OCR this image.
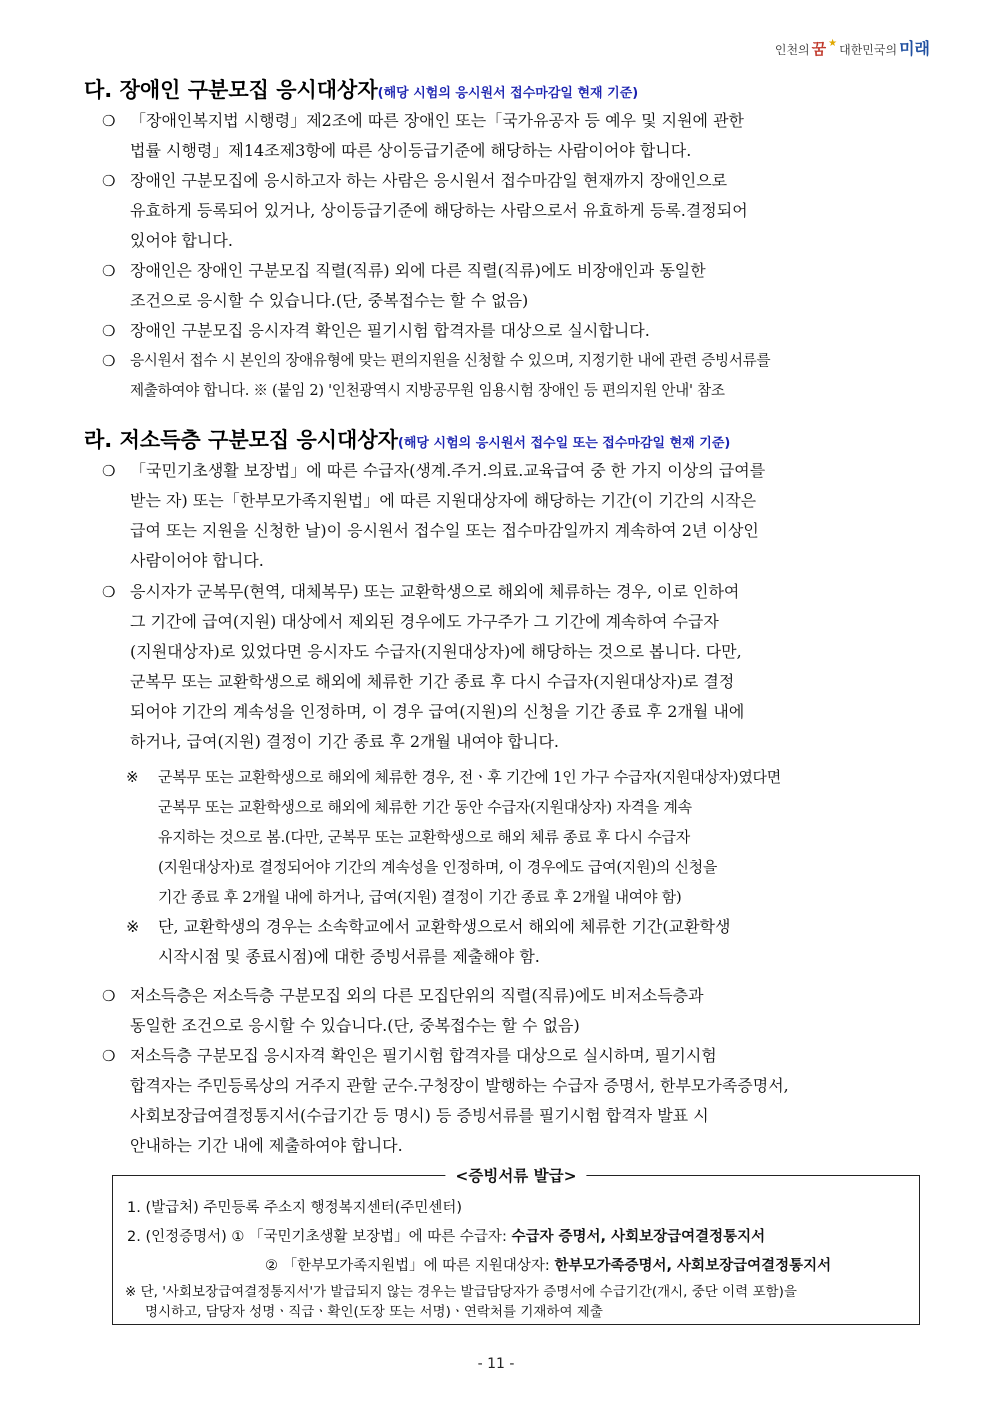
인천의 꿈 ★ 대한민국의 미래
다. 장애인 구분모집 응시대상자(해당 시험의 응시원서 접수마감일 현재 기준)
❍ 「장애인복지법 시행령」제2조에 따른 장애인 또는「국가유공자 등 예우 및 지원에 관한
법률 시행령」제14조제3항에 따른 상이등급기준에 해당하는 사람이어야 합니다.
❍ 장애인 구분모집에 응시하고자 하는 사람은 응시원서 접수마감일 현재까지 장애인으로
유효하게 등록되어 있거나, 상이등급기준에 해당하는 사람으로서 유효하게 등록.결정되어
있어야 합니다.
❍ 장애인은 장애인 구분모집 직렬(직류) 외에 다른 직렬(직류)에도 비장애인과 동일한
조건으로 응시할 수 있습니다.(단, 중복접수는 할 수 없음)
❍ 장애인 구분모집 응시자격 확인은 필기시험 합격자를 대상으로 실시합니다.
❍ 응시원서 접수 시 본인의 장애유형에 맞는 편의지원을 신청할 수 있으며, 지정기한 내에 관련 증빙서류를
제출하여야 합니다. ※ (붙임 2) '인천광역시 지방공무원 임용시험 장애인 등 편의지원 안내' 참조
라. 저소득층 구분모집 응시대상자(해당 시험의 응시원서 접수일 또는 접수마감일 현재 기준)
❍ 「국민기초생활 보장법」에 따른 수급자(생계.주거.의료.교육급여 중 한 가지 이상의 급여를
받는 자) 또는「한부모가족지원법」에 따른 지원대상자에 해당하는 기간(이 기간의 시작은
급여 또는 지원을 신청한 날)이 응시원서 접수일 또는 접수마감일까지 계속하여 2년 이상인
사람이어야 합니다.
❍ 응시자가 군복무(현역, 대체복무) 또는 교환학생으로 해외에 체류하는 경우, 이로 인하여
그 기간에 급여(지원) 대상에서 제외된 경우에도 가구주가 그 기간에 계속하여 수급자
(지원대상자)로 있었다면 응시자도 수급자(지원대상자)에 해당하는 것으로 봅니다. 다만,
군복무 또는 교환학생으로 해외에 체류한 기간 종료 후 다시 수급자(지원대상자)로 결정
되어야 기간의 계속성을 인정하며, 이 경우 급여(지원)의 신청을 기간 종료 후 2개월 내에
하거나, 급여(지원) 결정이 기간 종료 후 2개월 내여야 합니다.
※ 군복무 또는 교환학생으로 해외에 체류한 경우, 전ㆍ후 기간에 1인 가구 수급자(지원대상자)였다면
군복무 또는 교환학생으로 해외에 체류한 기간 동안 수급자(지원대상자) 자격을 계속
유지하는 것으로 봄.(다만, 군복무 또는 교환학생으로 해외 체류 종료 후 다시 수급자
(지원대상자)로 결정되어야 기간의 계속성을 인정하며, 이 경우에도 급여(지원)의 신청을
기간 종료 후 2개월 내에 하거나, 급여(지원) 결정이 기간 종료 후 2개월 내여야 함)
※ 단, 교환학생의 경우는 소속학교에서 교환학생으로서 해외에 체류한 기간(교환학생
시작시점 및 종료시점)에 대한 증빙서류를 제출해야 함.
❍ 저소득층은 저소득층 구분모집 외의 다른 모집단위의 직렬(직류)에도 비저소득층과
동일한 조건으로 응시할 수 있습니다.(단, 중복접수는 할 수 없음)
❍ 저소득층 구분모집 응시자격 확인은 필기시험 합격자를 대상으로 실시하며, 필기시험
합격자는 주민등록상의 거주지 관할 군수.구청장이 발행하는 수급자 증명서, 한부모가족증명서,
사회보장급여결정통지서(수급기간 등 명시) 등 증빙서류를 필기시험 합격자 발표 시
안내하는 기간 내에 제출하여야 합니다.
<증빙서류 발급>
1. (발급처) 주민등록 주소지 행정복지센터(주민센터)
2. (인정증명서) ① 「국민기초생활 보장법」에 따른 수급자: 수급자 증명서, 사회보장급여결정통지서
② 「한부모가족지원법」에 따른 지원대상자: 한부모가족증명서, 사회보장급여결정통지서
※ 단, '사회보장급여결정통지서'가 발급되지 않는 경우는 발급담당자가 증명서에 수급기간(개시, 중단 이력 포함)을
명시하고, 담당자 성명ㆍ직급ㆍ확인(도장 또는 서명)ㆍ연락처를 기재하여 제출
- 11 -
